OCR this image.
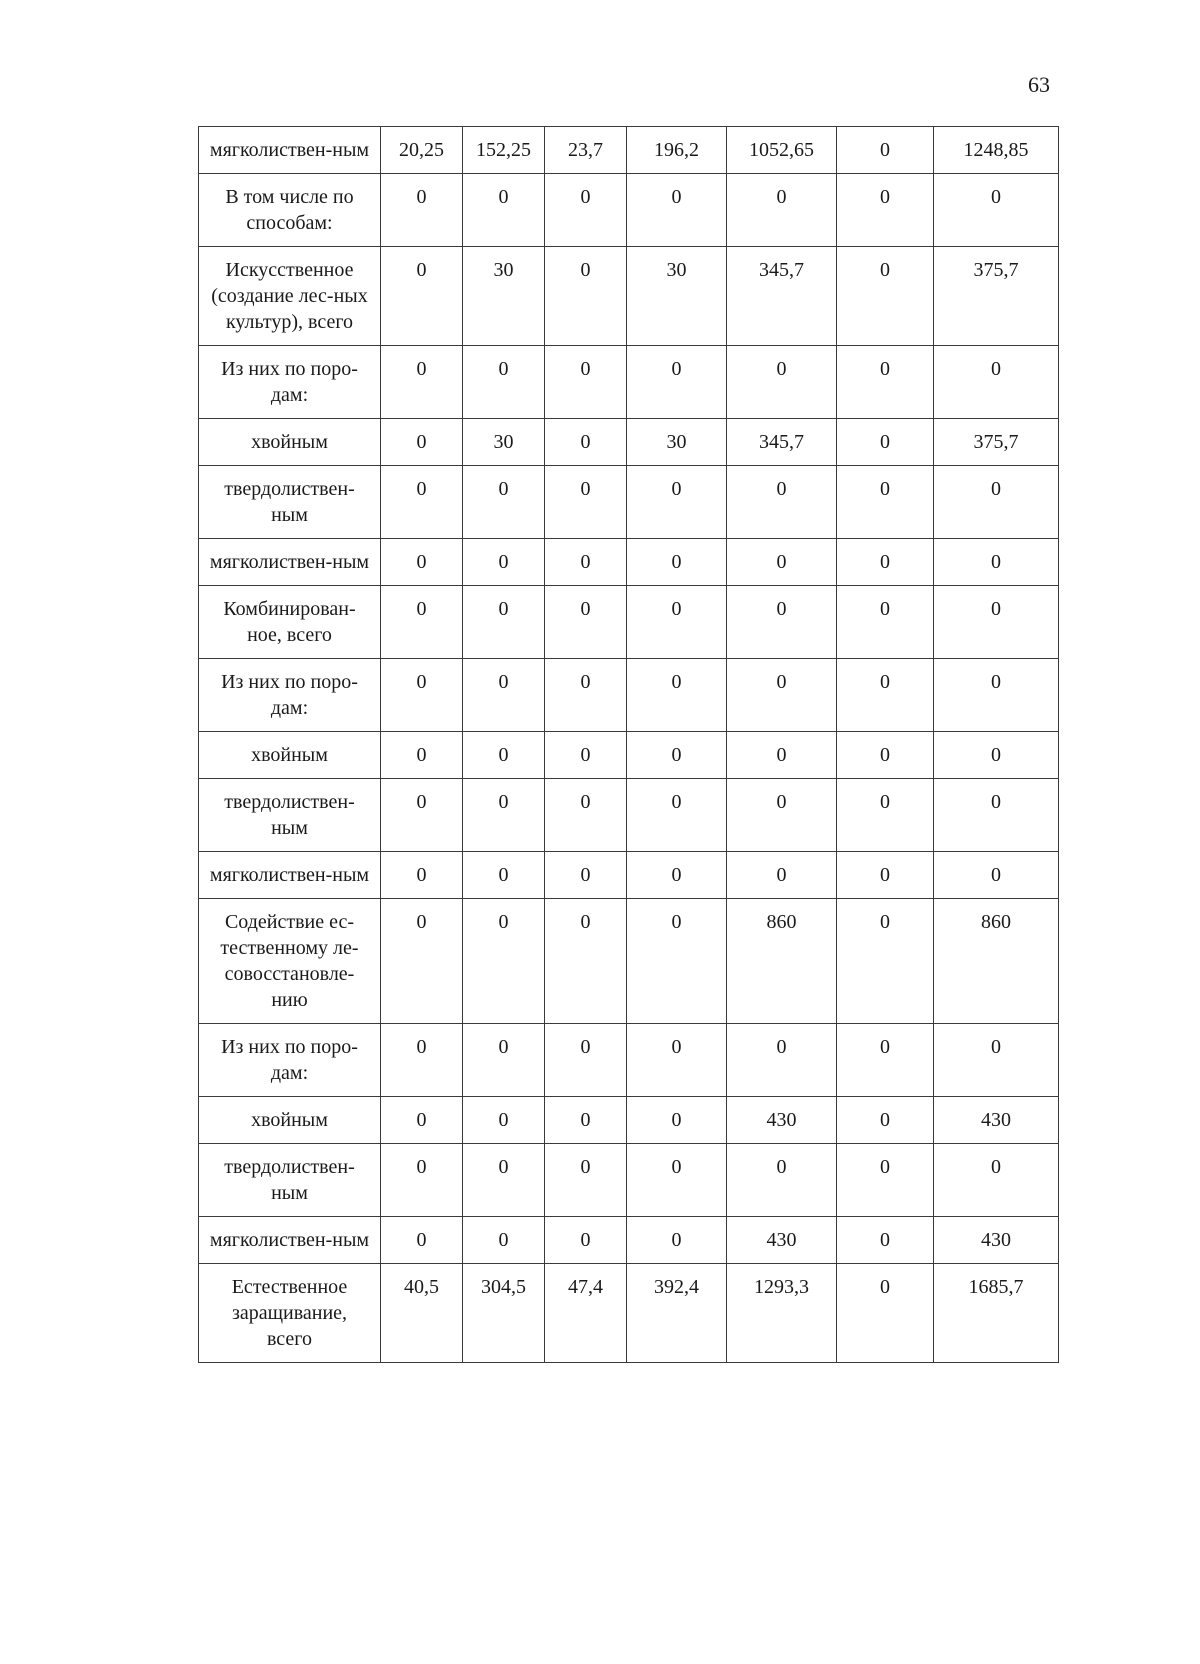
63
мягколиствен-ным	20,25	152,25	23,7	196,2	1052,65	0	1248,85
В том числе по способам:	0	0	0	0	0	0	0
Искусственное (создание лес-ных культур), всего	0	30	0	30	345,7	0	375,7
Из них по поро-дам:	0	0	0	0	0	0	0
хвойным	0	30	0	30	345,7	0	375,7
твердолиствен-ным	0	0	0	0	0	0	0
мягколиствен-ным	0	0	0	0	0	0	0
Комбинирован-ное, всего	0	0	0	0	0	0	0
Из них по поро-дам:	0	0	0	0	0	0	0
хвойным	0	0	0	0	0	0	0
твердолиствен-ным	0	0	0	0	0	0	0
мягколиствен-ным	0	0	0	0	0	0	0
Содействие ес-тественному ле-совосстановле-нию	0	0	0	0	860	0	860
Из них по поро-дам:	0	0	0	0	0	0	0
хвойным	0	0	0	0	430	0	430
твердолиствен-ным	0	0	0	0	0	0	0
мягколиствен-ным	0	0	0	0	430	0	430
Естественное заращивание, всего	40,5	304,5	47,4	392,4	1293,3	0	1685,7
